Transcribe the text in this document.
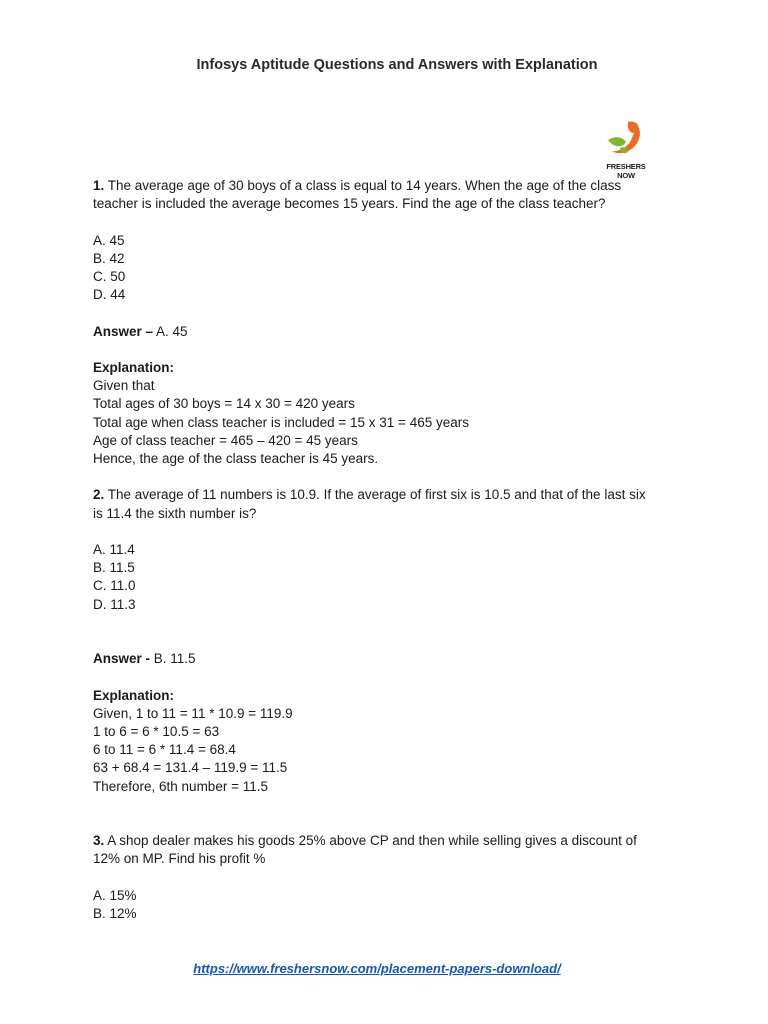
Infosys Aptitude Questions and Answers with Explanation
FRESHERS NOW
1. The average age of 30 boys of a class is equal to 14 years. When the age of the class
teacher is included the average becomes 15 years. Find the age of the class teacher?
A. 45
B. 42
C. 50
D. 44
Answer – A. 45
Explanation:
Given that
Total ages of 30 boys = 14 x 30 = 420 years
Total age when class teacher is included = 15 x 31 = 465 years
Age of class teacher = 465 – 420 = 45 years
Hence, the age of the class teacher is 45 years.
2. The average of 11 numbers is 10.9. If the average of first six is 10.5 and that of the last six
is 11.4 the sixth number is?
A. 11.4
B. 11.5
C. 11.0
D. 11.3
Answer - B. 11.5
Explanation:
Given, 1 to 11 = 11 * 10.9 = 119.9
1 to 6 = 6 * 10.5 = 63
6 to 11 = 6 * 11.4 = 68.4
63 + 68.4 = 131.4 – 119.9 = 11.5
Therefore, 6th number = 11.5
3. A shop dealer makes his goods 25% above CP and then while selling gives a discount of
12% on MP. Find his profit %
A. 15%
B. 12%
https://www.freshersnow.com/placement-papers-download/
